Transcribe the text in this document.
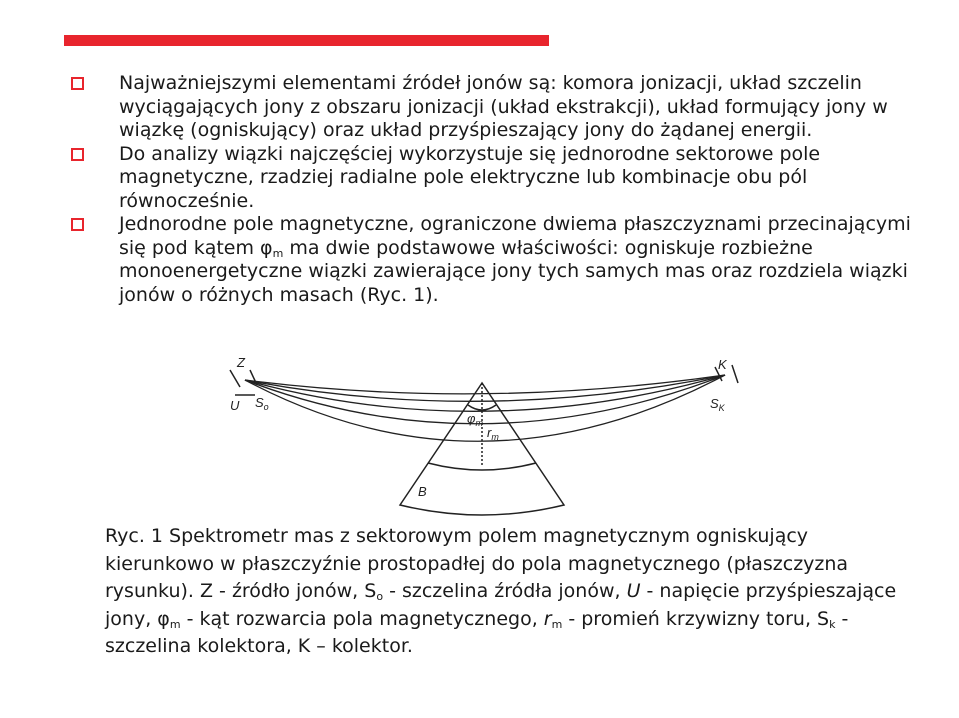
Najważniejszymi elementami źródeł jonów są: komora jonizacji, układ szczelin wyciągających jony z obszaru jonizacji (układ ekstrakcji), układ formujący jony w wiązkę (ogniskujący) oraz układ przyśpieszający jony do żądanej energii.
Do analizy wiązki najczęściej wykorzystuje się jednorodne sektorowe pole magnetyczne, rzadziej radialne pole elektryczne lub kombinacje obu pól równocześnie.
Jednorodne pole magnetyczne, ograniczone dwiema płaszczyznami przecinającymi się pod kątem $\varphi_m$ ma dwie podstawowe właściwości: ogniskuje rozbieżne monoenergetyczne wiązki zawierające jony tych samych mas oraz rozdziela wiązki jonów o różnych masach (Ryc. 1).
Z
U $S_o$
K
$S_K$
$\varphi_m$
$r_m$
B
Ryc. 1 Spektrometr mas z sektorowym polem magnetycznym ogniskujący kierunkowo w płaszczyźnie prostopadłej do pola magnetycznego (płaszczyzna rysunku). Z - źródło jonów, $S_o$ - szczelina źródła jonów, U - napięcie przyśpieszające jony, $\varphi_m$ - kąt rozwarcia pola magnetycznego, $r_m$ - promień krzywizny toru, $S_k$ - szczelina kolektora, K – kolektor.
